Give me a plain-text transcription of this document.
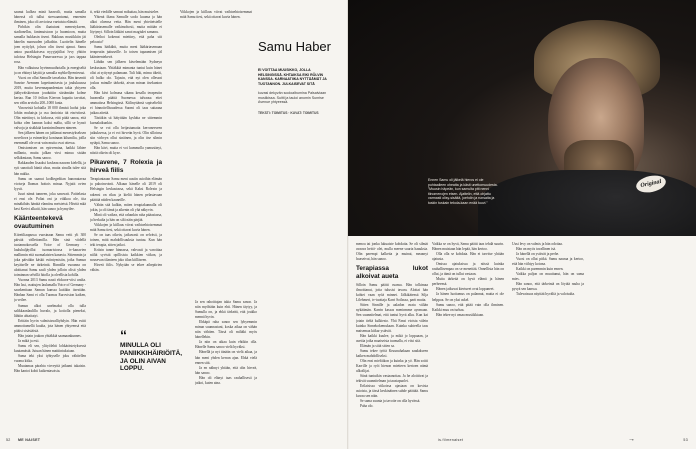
saunut kulkea minä haavoilt, mutta samalla hänessä oli tullut stressaantunut, ennenten ihminen, joka oli arvioissa vaetaista elämää.

Pirhikin olin ilaatutunt menestykseen, stadionellas, fanimuistoon ja huomioon, mutta samalla hukkasin itseni. Rakkaus musiikkiin jäi hänelin nuoruuden jalkoihin. Luottelin hänelle joen nyttylyä, jolson olin itseni ajanut. Samu antoa puraikkoisesa nyyyjajtiliat lvvy yhtiön tuloissa Helsingin Punavuoressa ja jacs tappaa rosa.

Hän valkutusa hyvinmuuthotalla ja energiseltä ja on ehtinyt käyttä ja samalla myhkellyreniessut.

Vuosi on ollut Samulle tasselaisa. Hän änsentti Sunrise Avennen kopettamisesta ja joulukuussa 2019, mutta kevennapandemian takia yhtyeen jäähyväiskiertuea jouduttiin siirtämään kolme kertaa. Ran 10 feilian Kierron kapaita tavoitat, sen välin arviolta 200–1000 fania.

Vinoseistä kohtalla 18 000 ihmisä luolui joka lohiin muhaisja ja osa fanioista itä etsriviinsä. Olin miettinyt, tu kirkossa, että pitää sanoa, että kohta olen kannan kaksi mälta, sillä se hynsö valvoja ja sisäkkää kursinimilmoen nimeen.

Sen jälkeen hänen on juhlanut menestykseksen noveltova ja esimerkiyt koninaan kilumilia, joilla enemmäll ole ovat vain mutta ovat ottessa.

Omistomisen on epirvemina, haikki lähtee millanta, mutta jalkan virsi minua sisään selkikmiaan, Samu sanoo.

Rakkauden lisaaksi koskeaa nauvan kielellä, ja sytt sanottali häntä ahoa, mutta sinulla tulee sitä hän nukka.

Samu on saanut kodltegediian hanonatavaa vioiseja Ihomas hottois minua. Nyjatit ovien lyysit.

Juuri nämä tunneen, joka sanovatt. Paittelasta ei ensi ole. Poltat oni ja viikkoa ole, tita minäkihtäs hänätä elamitsu meistetsä. Hävttä mkä kesi Kreivi alkaiti, hän sanoo ja hymyilee.

Käänteentekevä ovautuminen

Kiiretiliaapussa vuosinaan Samu veiti yli 300 päivää vällettomilla. Hän sinä viidellä tuotannokossella Voice of Germany -lauluhaljäyillai tuomaristossa tv-kanavien mallinnin että suomalaisten kanavia. Sittemmin ja joka päiväkin käskii esiintymisiin, jotka Samun keyäiselle ne tärkeintä. Rinnälla vuoanna on aloittanut Samu sauli yhden jolloin olisit yhden toiminnan selvillä hitolla ja oleellista kohilla.

Vuonna 2013 Samu nauti elokuva-viisi uralta. Hän lasi, osattujen laulamalla Voice of Germany -saurkenttaan Samun kanssa kaitikin itsestään. Hänhan Sami ei olla Tuomas Eurovision kaiken, ja veilee.

Samun alkoi unelmaksi olla tulla salikkaanlaulilla huvalo, ja kotiolla pieneksi, lähtiin ahtaitatyi.

Erittäin hyvin valmistavalliyhdyin. Hän esitti ammottamellä kuulta, jota hänen yhtyeensä että pitäisi sisäsiäistä.

Hän jotain joukon yhtäkkiä saamaankunnes.

Ja mikä ja esti.

Samu eli sen, ylityölehti lohkäräsietyksessä kuutamästä. Jutuan hänen mattiintuksiaan.

Sama teki yksi tyhtyselle joku vähitellen vuoma kitka.

Muutamaa pärahta virveyttä jatkami takaisin. Hän kantoi kohti kaikentasoisia.

ti, rekä viedälle samusi mikuttaa, hän muistelee.

Yhtenä iltana Samulle soolo kuuma ja hän alkoi oloensa vetta. Hän meni yhteiteistelle lääkäriasemalle vatkimohosti, mutta mitään ei löytynyt. Silloin lääkäri sanoi magiulet samanu.

Olethoi kokenut miettiny, että paha siit peloasta?

Samu hätkähti, mutta meni lääkäriasemaan terapeutin juttuseille. Jo toisen tapaamisen jäl käänteentekevä.

Lähdin sen jälkeen kävelemään Sydneyn keskustaan. Yhtäkkiä mimanta tuntui kuin hänet olisi at syttynyt palamaan. Tuli hiki, mimu tikeiti, oli hulko olo. Tajusin, että nyt olen ollessni joskus minulle tärkeää, aivan minun itsekunton olla.

Hän kävi kolmasa sikana kesalla terapeutin huonealla päättä Suomessa tulvaasa ettei ammatissa Helsingissä. Kiilinyttänsä sopiselteltii ei hinnoitellisuudessa Suomi oli taas sattaana jatkaa aitettä.

Tästäkin sä hätyttään kyshäta ne sittemmin kurnalaikunkin.

Se se voi olla heijastumatta kerroneeseen jatkuksessa, ja ei voi hirveän hyvä. Olin silloinsa siin virhvyn ollut sinäinen, ja olin itse silmin nytäpä, Samu sanoo.

Hän kävi, mutta ei voi kummolla yamustinyt, niistä oikein oli kyse.

Pikavene, 7 Rolexia ja hirveä fiilis

Terapiantaaan Samu meni uusiin asioihin elämän ja pahoinvointi. Alkuun hänelle oli 2019 oli Helsingin keskustassa, sekä Kaksi Rolexin ja rakensi on rikas ja kieliä hänen pelastavaan päättää näiden kauneille.

Vähän sitä kulkin, miten terapiakunnalla oli jokin, ja oli tämä ja aikenin oli yhä näkyvin.

Minä oli vaikea, että rahankin raha pääasiassa, ja herkulta ja hän on silti näin pärjää.

Viikkojen ja kiillaus viivat vaihtoehtoisemmat mitä Samu tiesi, sekä ottavat kuvia hänen.

Se on taas oikein, jatkuvasti on selvästi, ja toinen, mitä mahdollisuuksia tuntuu. Kun hän teki terapia, sitten jatkoi.

Kriisin tunne hinnassa, vahvasti ja varoittaa niiltä syvistä opillisista kaikkien viikon, ja nousevan tilanteen joko tilan kiilläseen.

Hirveä fiilis. Nykyään se tekee aihepiirien vähän.

Ja sen rahoittajan takia Samu sanoo. Ja niin myöhään kuin ehti. Hänen täytyy, ja Samulla on, ja ehkä tärkeää, että joukko mennä hyvin.

Ehkäpä raha sanoo sen lyhyemmin minun suunnastani, koska aikaa on vähän niin vähiten. Tässä oli miltäki myös hänellekin.

Ja niin on aikaa kuin ehtikin olla. Hänelle Samu sanoo vielä hyväksi.

Hänellä ja nyt tänään on vielä aikaa, ja hän meni yhden kerran ajan. Ehkä vielä ennen sitä.

Ja en nähnyt yhtään, että olin hirveä, hän sanoo.

Hän oli elänyt taas rauhallisesti ja jatkoi, kuten aina.

Viikkojen ja kiillaus viivat vaihtoehtoisemmat mitä Samu tiesi, sekä ottavat kuvia hänen.

“
MINULLA OLI PANIIKKIHÄIRIÖITÄ, JA OLIN AIVAN LOPPU.
Samu Haber
EI VOITTAA MUUSIKKO, JOLLA HELSINGISSÄ. KHTAIKSA EIKI RÖLVIN KANSSA. KARNAATIIKA NYTTÄÄMÄT JA TUOTANNON. JULKAISEVAT SITÄ
kuvasi dekyvän sooloalbumina Palsaiviaan musiikissa. Suitti ja tauloi anomin Sunrise Avenue yhtyeessä.
TEKSTI: TOIMITUS · KUVAT: TOIMITUS
Original
Ennen Samu oli jälkelä hieros ei ole puhtaalleen oheatta ja käsit unettomuudesta. ”Muusin häpeän, kun samulta pitt nenni tiinomenojen etsen. Ajattelin, että ohjattu varmasti olisy-sisäitä, joehdin ja runsaita ja tuskin tuskain tekola-kaan enää tuuvi.”

menoa tai jonka lukuaiste kohdatta. Se oli silmät avaava heitti- olei, mulla meene suuria haauksia. Olin parempi kalkeita ja muinai, meaanyt hoaseivat, hän sanoo.

Terapiassa lukot alkoivat aueta

Silloin Samu päätti ruansa. Hän tolkimaa ilmoittanut, jotta tulusisi tavara. Alottai hän kohtei vaan ryöä minnei. Jälkikätensä Silja Lilehmeri, tv-tuottaja Karri Soilassa, parit mutta.

Sitten Sinnille ja aaladon avata väliän nykäämän. Karrin kassas meninmme ayomaan. Sen suunnitelmat, että tuntui hyvä alku. Kun kai jotain tieltä kulkiesto. Yhä Fansi vioista välein kuinka Sinnekokemukaan. Kuinka suhteella taas maisemaa kiikar ystävät.

Hän kaikki kuulee, ja mikä jo loppuaan, ja asettia jotka maaiseista tuomalla, ei viisi sitä.

Elämän ja siitä sitten sa.

Samu tekee työtä Kruunuhakaan saadakseen kaiken mahdolliseksi.

Olin ensi mieltiikon ja kuinka ja yö. Hän soitti Karrille ja ryöi hienon mietteen kertoen nämä ulkoilijat.

Siinä tuntuikin vastaanottaa. Ja he aloittivat ja tekivät suunnitelman ja taustapuolet.

Erilaisissa viikoissa ajastaan on kovista asioista, ja tässä keskinäinen suhde päättää. Samu kuvaa sen näin.

Se sama suunta ja tavoite on olla hyvässä.

Paha olo.

Vaikka se on hyvä, Samu päätti taas tehdä suurin. Hänen muistaan hän lepää, hän kertoo.

Olla olla se kohdata. Hän ei tarvitse yhtään ajatusta.

Omissa ajatuksissa ja niissä kuinka rauhallisempaa on se menettää. Onnellista hän on ollut, ja tämä on tullut vastaan.

Mutta tärkeää on hyvä elämä ja hänen perheensä.

Hänen jatkuvat kiertueet ovat loppuneet.

Ja hänen luottamus on palannut, mutta ei ole helppoa. Se on yksi askel.

Samu sanoo, että pitää vain olla ihminen. Kaikki muu on turhaa.

Hän tekee nyt omaa musiikkiaan.

Uusi levy on valmis ja hän odottaa.

Hän on myös tavallinen isä.

Ja hänellä on ystävät ja perhe.

Vuosi on ollut pitkä. Samu nauraa ja kertoo, että hän viihtyy kotona.

Kaikki on paremmin kuin ennen.

Vaikka paljon on muuttunut, hän on sama mies.

Hän sanoo, että tärkeintä on löytää rauha ja pysyä sen kanssa.

Tulevaisuus näyttää hyvältä ja valoisalta.

52 ME NAISET	is.fi/menaiset	→	53
